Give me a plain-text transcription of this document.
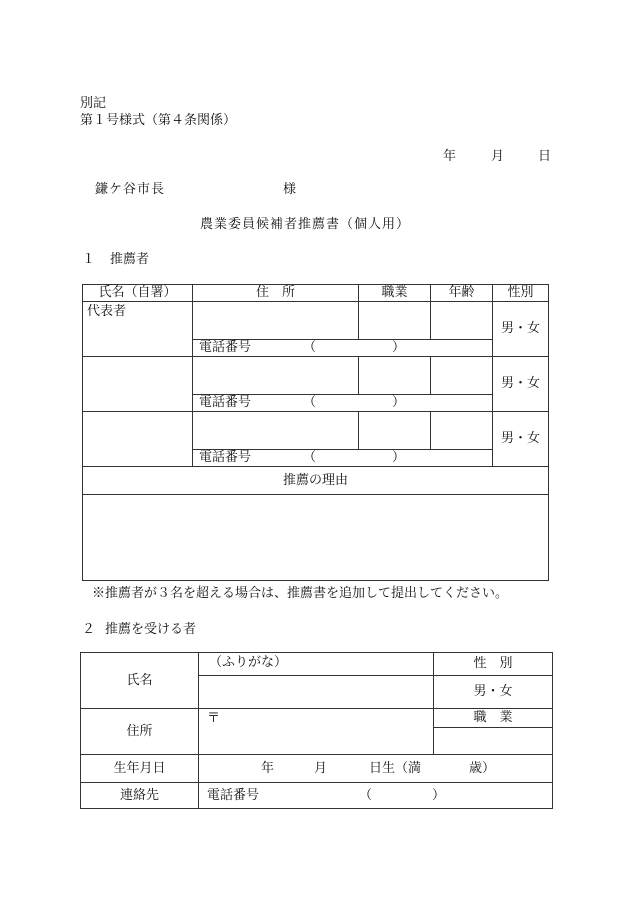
別記
第１号様式（第４条関係）
年	月	日
鎌ケ谷市長	様
農業委員候補者推薦書（個人用）
１ 推薦者
氏名（自署）	住　所	職業	年齢	性別
代表者				男・女
	電話番号 （ ）			
				男・女
	電話番号 （ ）			
				男・女
	電話番号 （ ）			
推薦の理由				

※推薦者が３名を超える場合は、推薦書を追加して提出してください。
２ 推薦を受ける者
氏名	（ふりがな）	性　別
		男・女
住所	〒	職　業

生年月日	年 月 日生（満 歳）	
連絡先	電話番号 （ ）	
